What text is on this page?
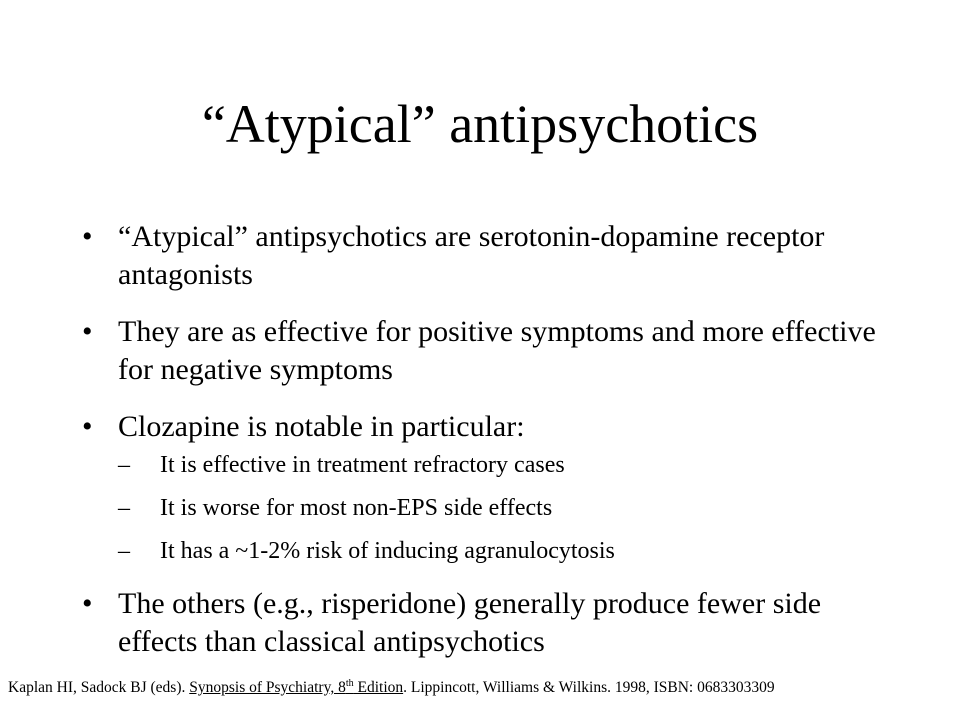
“Atypical” antipsychotics
• “Atypical” antipsychotics are serotonin-dopamine receptor antagonists
• They are as effective for positive symptoms and more effective for negative symptoms
• Clozapine is notable in particular:
– It is effective in treatment refractory cases
– It is worse for most non-EPS side effects
– It has a ~1-2% risk of inducing agranulocytosis
• The others (e.g., risperidone) generally produce fewer side effects than classical antipsychotics
Kaplan HI, Sadock BJ (eds). Synopsis of Psychiatry, 8th Edition. Lippincott, Williams & Wilkins. 1998, ISBN: 0683303309
